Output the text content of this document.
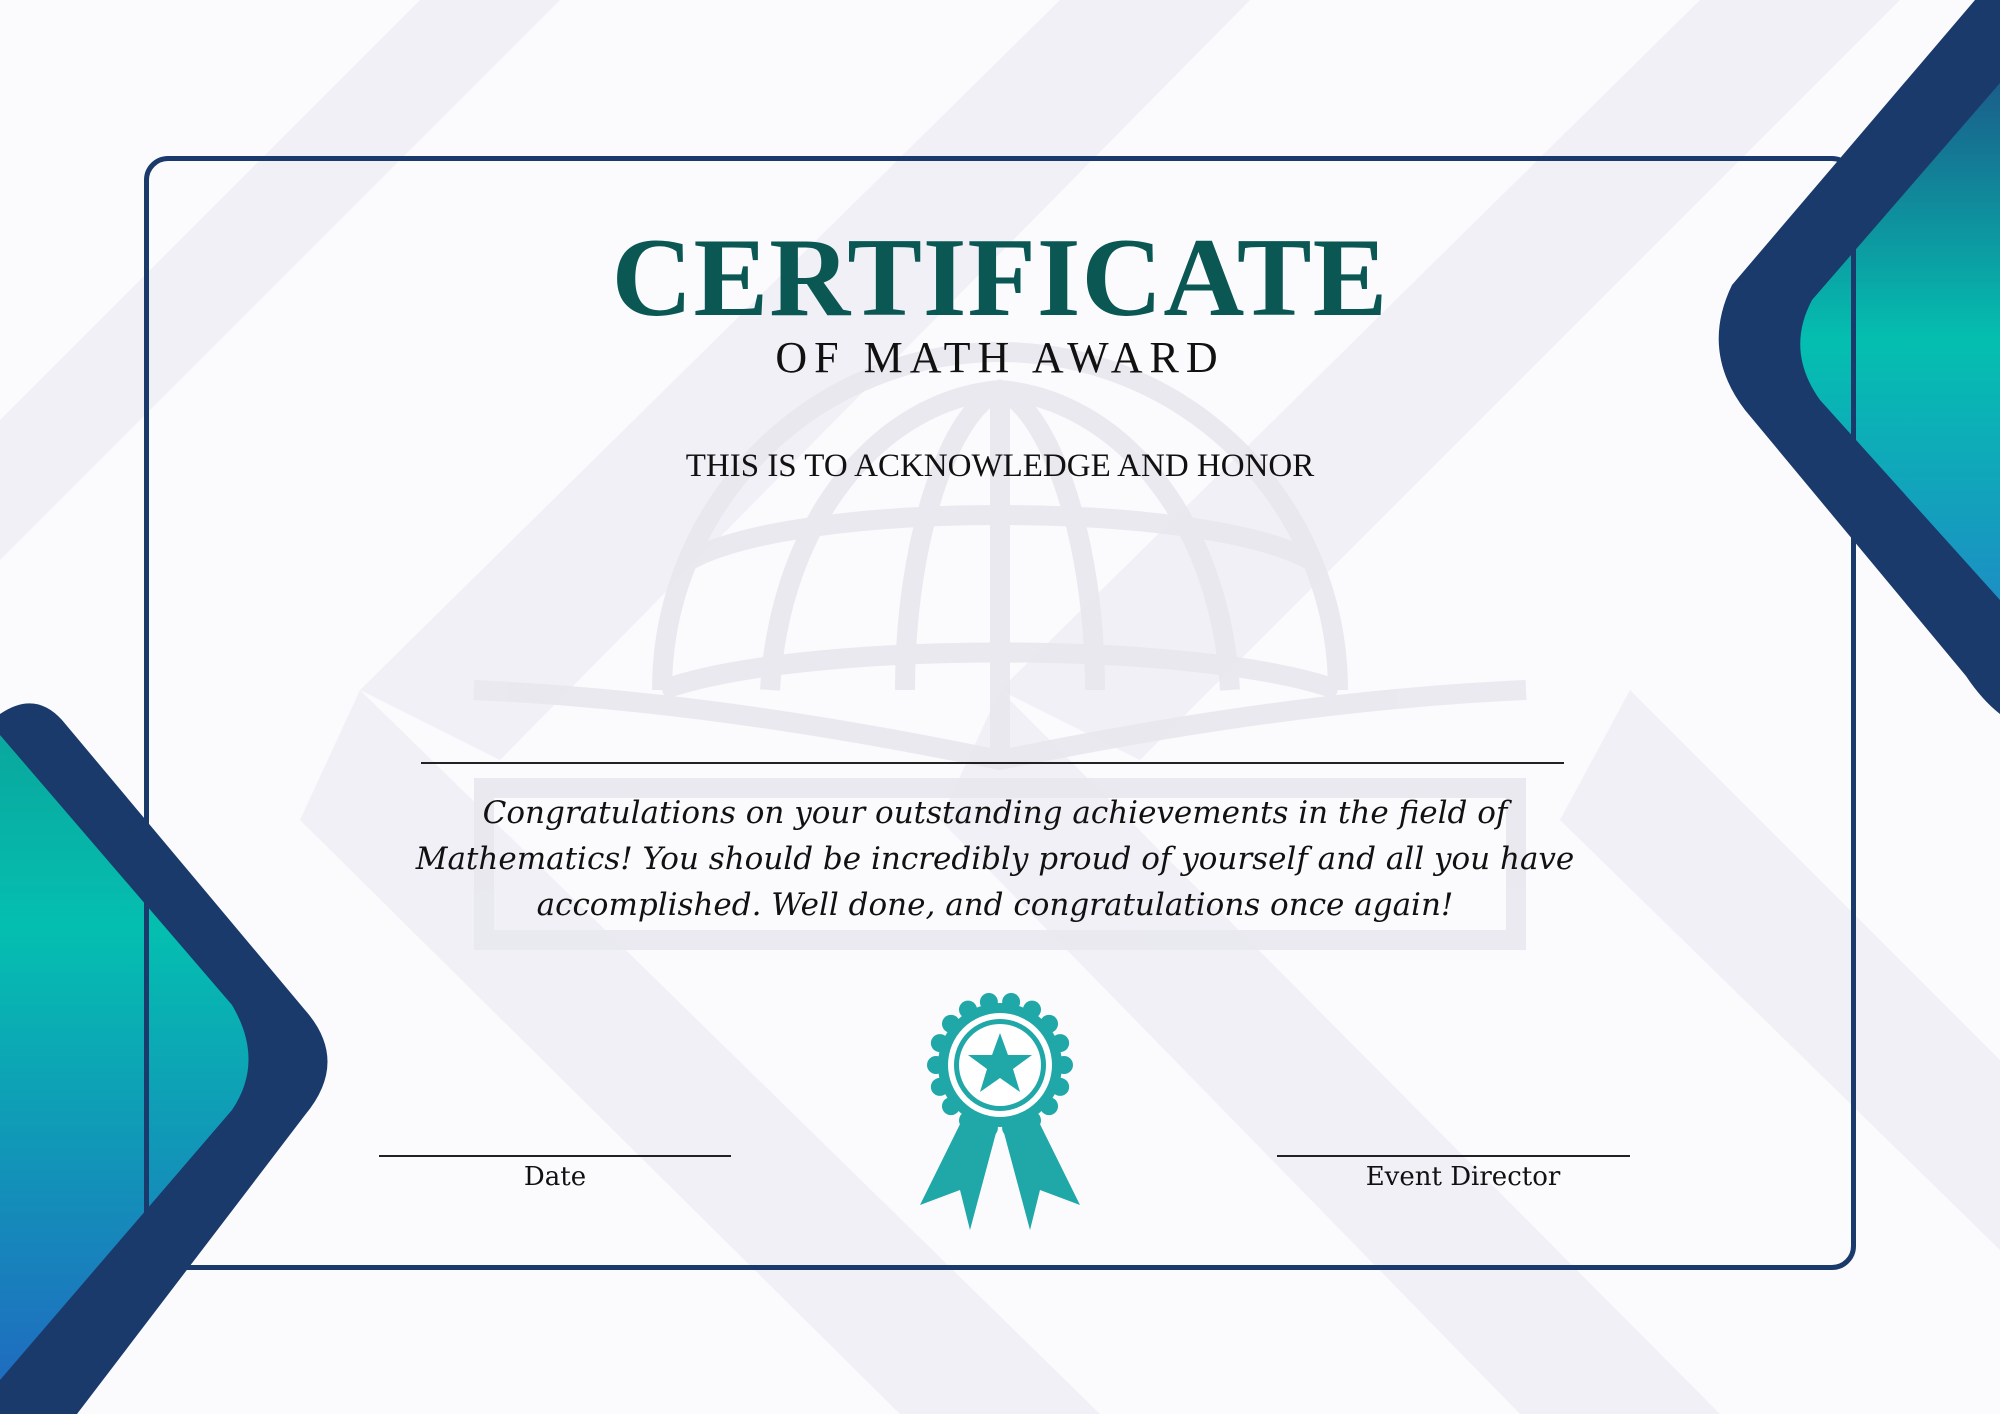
CERTIFICATE
OF MATH AWARD
THIS IS TO ACKNOWLEDGE AND HONOR
Congratulations on your outstanding achievements in the field of Mathematics! You should be incredibly proud of yourself and all you have accomplished. Well done, and congratulations once again!
Date	Event Director
